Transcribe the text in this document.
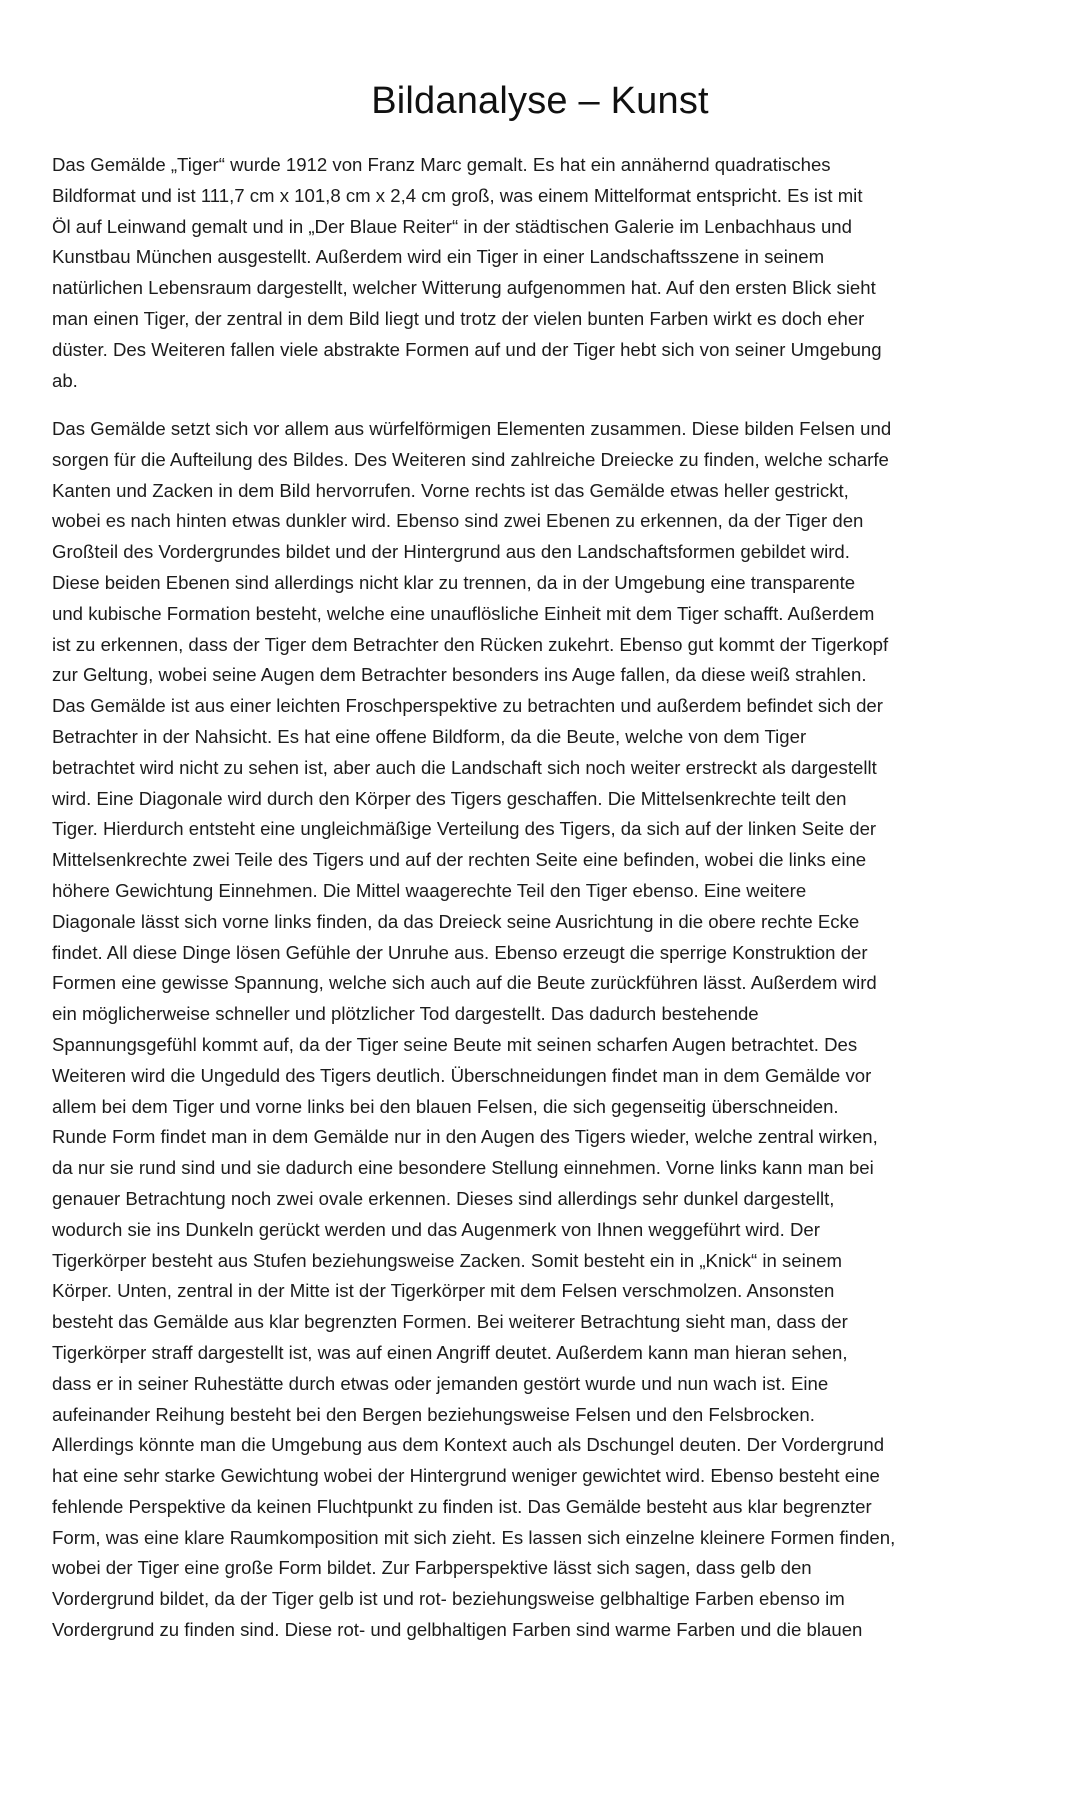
Bildanalyse – Kunst
Das Gemälde „Tiger“ wurde 1912 von Franz Marc gemalt. Es hat ein annähernd quadratisches
Bildformat und ist 111,7 cm x 101,8 cm x 2,4 cm groß, was einem Mittelformat entspricht. Es ist mit
Öl auf Leinwand gemalt und in „Der Blaue Reiter“ in der städtischen Galerie im Lenbachhaus und
Kunstbau München ausgestellt. Außerdem wird ein Tiger in einer Landschaftsszene in seinem
natürlichen Lebensraum dargestellt, welcher Witterung aufgenommen hat. Auf den ersten Blick sieht
man einen Tiger, der zentral in dem Bild liegt und trotz der vielen bunten Farben wirkt es doch eher
düster. Des Weiteren fallen viele abstrakte Formen auf und der Tiger hebt sich von seiner Umgebung
ab.
Das Gemälde setzt sich vor allem aus würfelförmigen Elementen zusammen. Diese bilden Felsen und
sorgen für die Aufteilung des Bildes. Des Weiteren sind zahlreiche Dreiecke zu finden, welche scharfe
Kanten und Zacken in dem Bild hervorrufen. Vorne rechts ist das Gemälde etwas heller gestrickt,
wobei es nach hinten etwas dunkler wird. Ebenso sind zwei Ebenen zu erkennen, da der Tiger den
Großteil des Vordergrundes bildet und der Hintergrund aus den Landschaftsformen gebildet wird.
Diese beiden Ebenen sind allerdings nicht klar zu trennen, da in der Umgebung eine transparente
und kubische Formation besteht, welche eine unauflösliche Einheit mit dem Tiger schafft. Außerdem
ist zu erkennen, dass der Tiger dem Betrachter den Rücken zukehrt. Ebenso gut kommt der Tigerkopf
zur Geltung, wobei seine Augen dem Betrachter besonders ins Auge fallen, da diese weiß strahlen.
Das Gemälde ist aus einer leichten Froschperspektive zu betrachten und außerdem befindet sich der
Betrachter in der Nahsicht. Es hat eine offene Bildform, da die Beute, welche von dem Tiger
betrachtet wird nicht zu sehen ist, aber auch die Landschaft sich noch weiter erstreckt als dargestellt
wird. Eine Diagonale wird durch den Körper des Tigers geschaffen. Die Mittelsenkrechte teilt den
Tiger. Hierdurch entsteht eine ungleichmäßige Verteilung des Tigers, da sich auf der linken Seite der
Mittelsenkrechte zwei Teile des Tigers und auf der rechten Seite eine befinden, wobei die links eine
höhere Gewichtung Einnehmen. Die Mittel waagerechte Teil den Tiger ebenso. Eine weitere
Diagonale lässt sich vorne links finden, da das Dreieck seine Ausrichtung in die obere rechte Ecke
findet. All diese Dinge lösen Gefühle der Unruhe aus. Ebenso erzeugt die sperrige Konstruktion der
Formen eine gewisse Spannung, welche sich auch auf die Beute zurückführen lässt. Außerdem wird
ein möglicherweise schneller und plötzlicher Tod dargestellt. Das dadurch bestehende
Spannungsgefühl kommt auf, da der Tiger seine Beute mit seinen scharfen Augen betrachtet. Des
Weiteren wird die Ungeduld des Tigers deutlich. Überschneidungen findet man in dem Gemälde vor
allem bei dem Tiger und vorne links bei den blauen Felsen, die sich gegenseitig überschneiden.
Runde Form findet man in dem Gemälde nur in den Augen des Tigers wieder, welche zentral wirken,
da nur sie rund sind und sie dadurch eine besondere Stellung einnehmen. Vorne links kann man bei
genauer Betrachtung noch zwei ovale erkennen. Dieses sind allerdings sehr dunkel dargestellt,
wodurch sie ins Dunkeln gerückt werden und das Augenmerk von Ihnen weggeführt wird. Der
Tigerkörper besteht aus Stufen beziehungsweise Zacken. Somit besteht ein in „Knick“ in seinem
Körper. Unten, zentral in der Mitte ist der Tigerkörper mit dem Felsen verschmolzen. Ansonsten
besteht das Gemälde aus klar begrenzten Formen. Bei weiterer Betrachtung sieht man, dass der
Tigerkörper straff dargestellt ist, was auf einen Angriff deutet. Außerdem kann man hieran sehen,
dass er in seiner Ruhestätte durch etwas oder jemanden gestört wurde und nun wach ist. Eine
aufeinander Reihung besteht bei den Bergen beziehungsweise Felsen und den Felsbrocken.
Allerdings könnte man die Umgebung aus dem Kontext auch als Dschungel deuten. Der Vordergrund
hat eine sehr starke Gewichtung wobei der Hintergrund weniger gewichtet wird. Ebenso besteht eine
fehlende Perspektive da keinen Fluchtpunkt zu finden ist. Das Gemälde besteht aus klar begrenzter
Form, was eine klare Raumkomposition mit sich zieht. Es lassen sich einzelne kleinere Formen finden,
wobei der Tiger eine große Form bildet. Zur Farbperspektive lässt sich sagen, dass gelb den
Vordergrund bildet, da der Tiger gelb ist und rot- beziehungsweise gelbhaltige Farben ebenso im
Vordergrund zu finden sind. Diese rot- und gelbhaltigen Farben sind warme Farben und die blauen
